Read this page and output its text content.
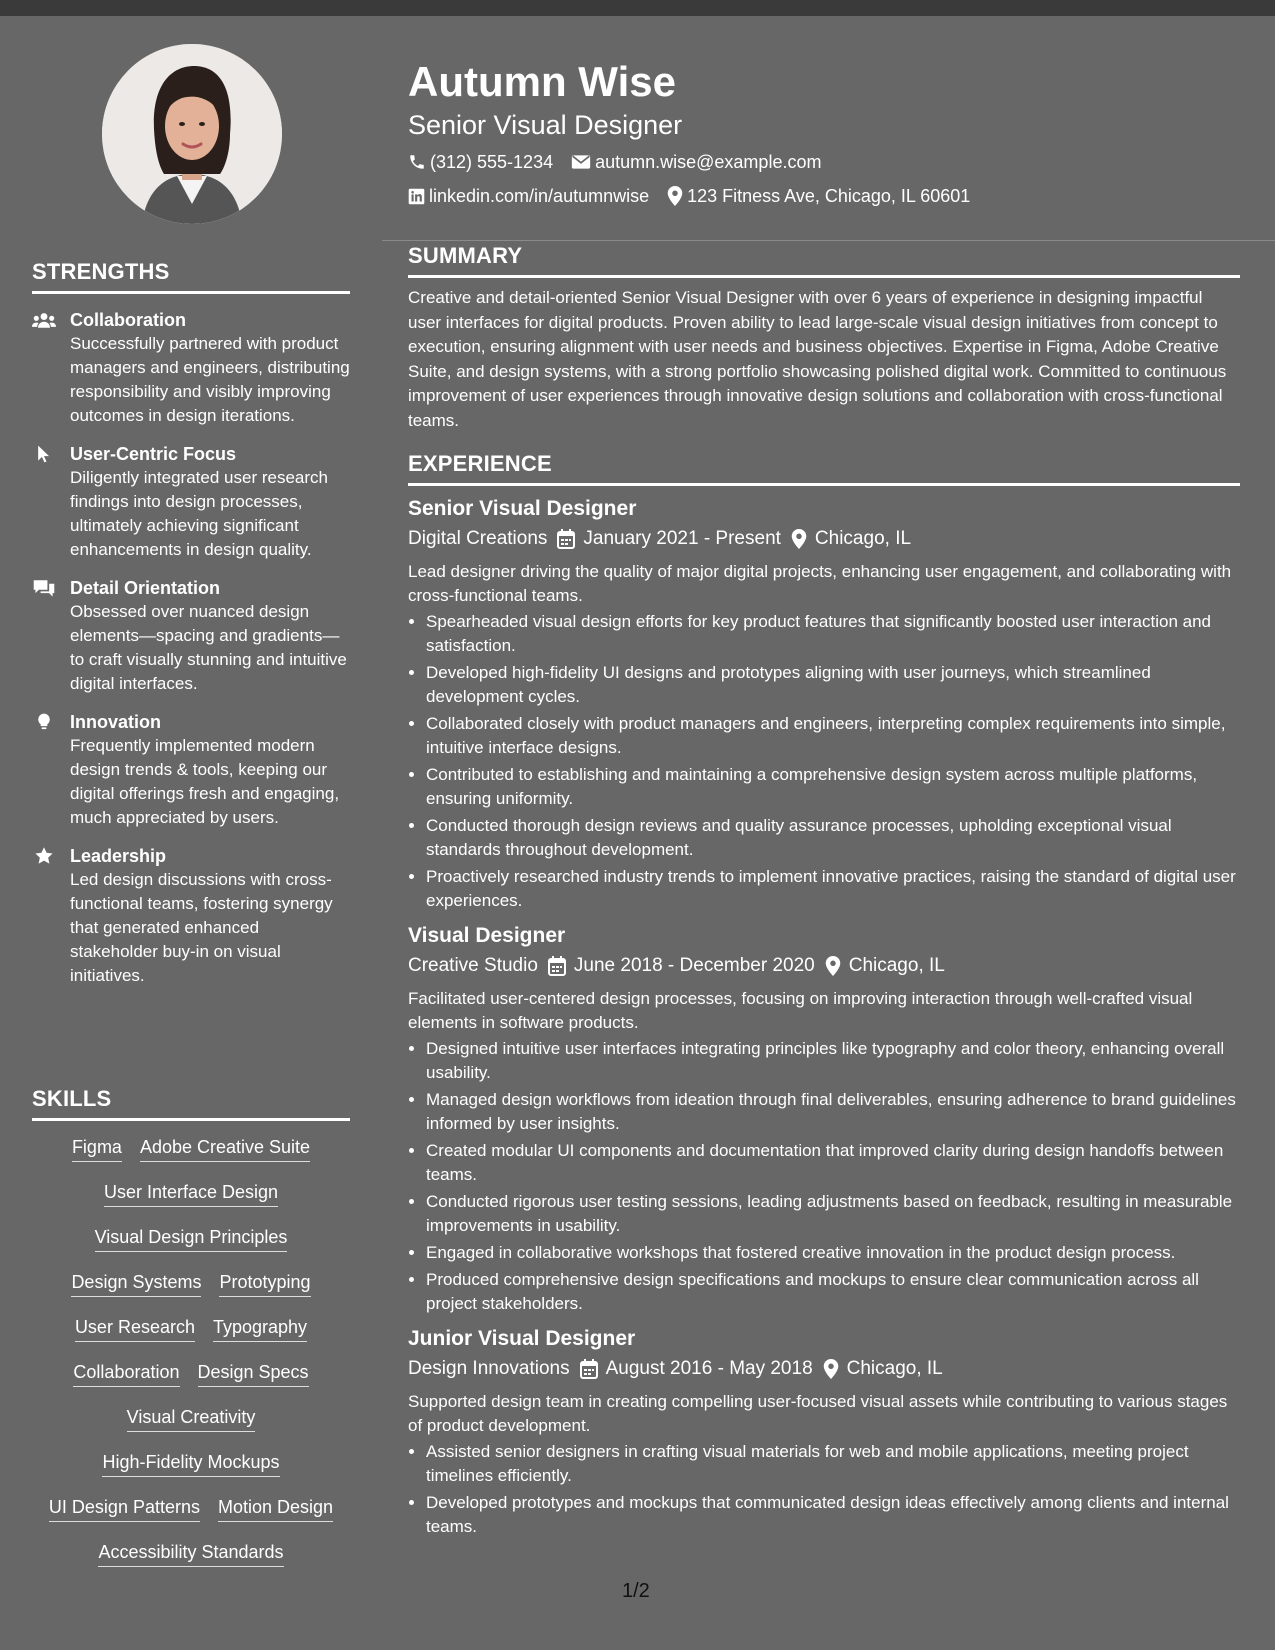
Autumn Wise

Senior Visual Designer

(312) 555-1234 autumn.wise@example.com
linkedin.com/in/autumnwise 123 Fitness Ave, Chicago, IL 60601
STRENGTHS
Collaboration
Successfully partnered with product managers and engineers, distributing responsibility and visibly improving outcomes in design iterations.
User-Centric Focus
Diligently integrated user research findings into design processes, ultimately achieving significant enhancements in design quality.
Detail Orientation
Obsessed over nuanced design elements—spacing and gradients—to craft visually stunning and intuitive digital interfaces.
Innovation
Frequently implemented modern design trends & tools, keeping our digital offerings fresh and engaging, much appreciated by users.
Leadership
Led design discussions with cross-functional teams, fostering synergy that generated enhanced stakeholder buy-in on visual initiatives.
SKILLS
Figma Adobe Creative Suite
User Interface Design
Visual Design Principles
Design Systems Prototyping
User Research Typography
Collaboration Design Specs
Visual Creativity
High-Fidelity Mockups
UI Design Patterns Motion Design
Accessibility Standards
SUMMARY

Creative and detail-oriented Senior Visual Designer with over 6 years of experience in designing impactful user interfaces for digital products. Proven ability to lead large-scale visual design initiatives from concept to execution, ensuring alignment with user needs and business objectives. Expertise in Figma, Adobe Creative Suite, and design systems, with a strong portfolio showcasing polished digital work. Committed to continuous improvement of user experiences through innovative design solutions and collaboration with cross-functional teams.

EXPERIENCE
Senior Visual Designer
Digital Creations January 2021 - Present Chicago, IL
Lead designer driving the quality of major digital projects, enhancing user engagement, and collaborating with cross-functional teams.
• Spearheaded visual design efforts for key product features that significantly boosted user interaction and satisfaction.
• Developed high-fidelity UI designs and prototypes aligning with user journeys, which streamlined development cycles.
• Collaborated closely with product managers and engineers, interpreting complex requirements into simple, intuitive interface designs.
• Contributed to establishing and maintaining a comprehensive design system across multiple platforms, ensuring uniformity.
• Conducted thorough design reviews and quality assurance processes, upholding exceptional visual standards throughout development.
• Proactively researched industry trends to implement innovative practices, raising the standard of digital user experiences.
Visual Designer
Creative Studio June 2018 - December 2020 Chicago, IL
Facilitated user-centered design processes, focusing on improving interaction through well-crafted visual elements in software products.
• Designed intuitive user interfaces integrating principles like typography and color theory, enhancing overall usability.
• Managed design workflows from ideation through final deliverables, ensuring adherence to brand guidelines informed by user insights.
• Created modular UI components and documentation that improved clarity during design handoffs between teams.
• Conducted rigorous user testing sessions, leading adjustments based on feedback, resulting in measurable improvements in usability.
• Engaged in collaborative workshops that fostered creative innovation in the product design process.
• Produced comprehensive design specifications and mockups to ensure clear communication across all project stakeholders.
Junior Visual Designer
Design Innovations August 2016 - May 2018 Chicago, IL
Supported design team in creating compelling user-focused visual assets while contributing to various stages of product development.
• Assisted senior designers in crafting visual materials for web and mobile applications, meeting project timelines efficiently.
• Developed prototypes and mockups that communicated design ideas effectively among clients and internal teams.
1/2
